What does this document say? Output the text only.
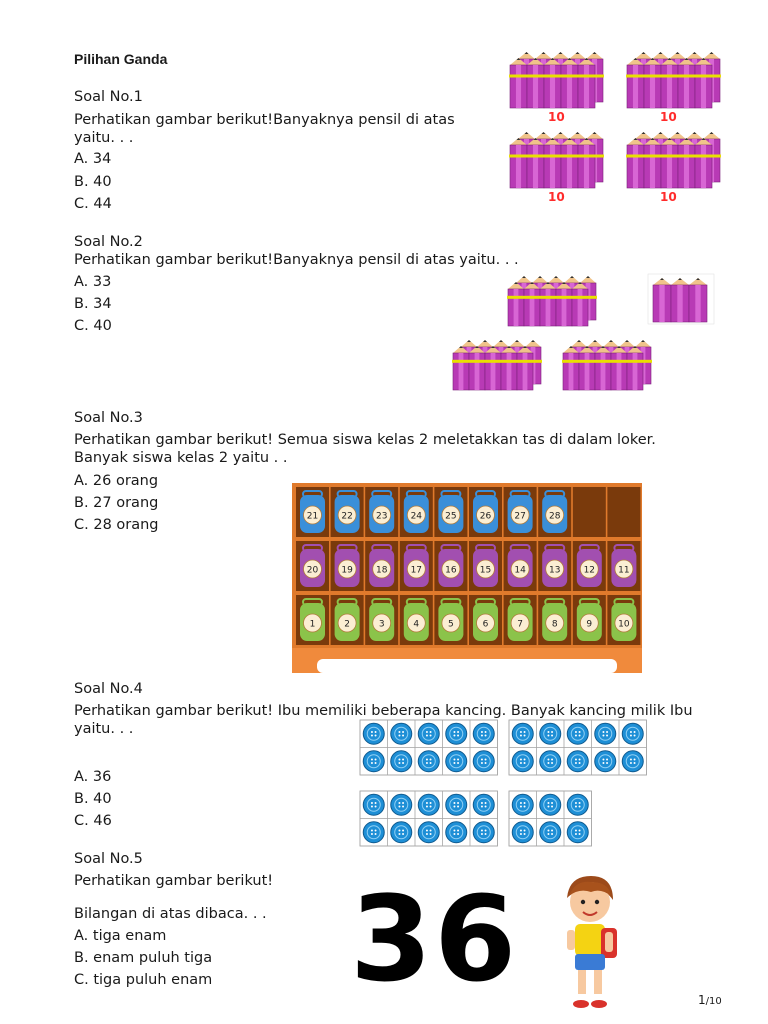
Pilihan Ganda
Soal No.1
Perhatikan gambar berikut!Banyaknya pensil di atas yaitu. . .
A. 34
B. 40
C. 44
10	10
10	10
Soal No.2
Perhatikan gambar berikut!Banyaknya pensil di atas yaitu. . .
A. 33
B. 34
C. 40
Soal No.3
Perhatikan gambar berikut! Semua siswa kelas 2 meletakkan tas di dalam loker. Banyak siswa kelas 2 yaitu . .
A. 26 orang
B. 27 orang
C. 28 orang
21	22	23	24	25	26	27	28
20	19	18	17	16	15	14	13	12	11
1	2	3	4	5	6	7	8	9	10
Soal No.4
Perhatikan gambar berikut! Ibu memiliki beberapa kancing. Banyak kancing milik Ibu yaitu. . .
A. 36
B. 40
C. 46
Soal No.5
Perhatikan gambar berikut!
Bilangan di atas dibaca. . .
A. tiga enam
B. enam puluh tiga
C. tiga puluh enam 36	1/10
